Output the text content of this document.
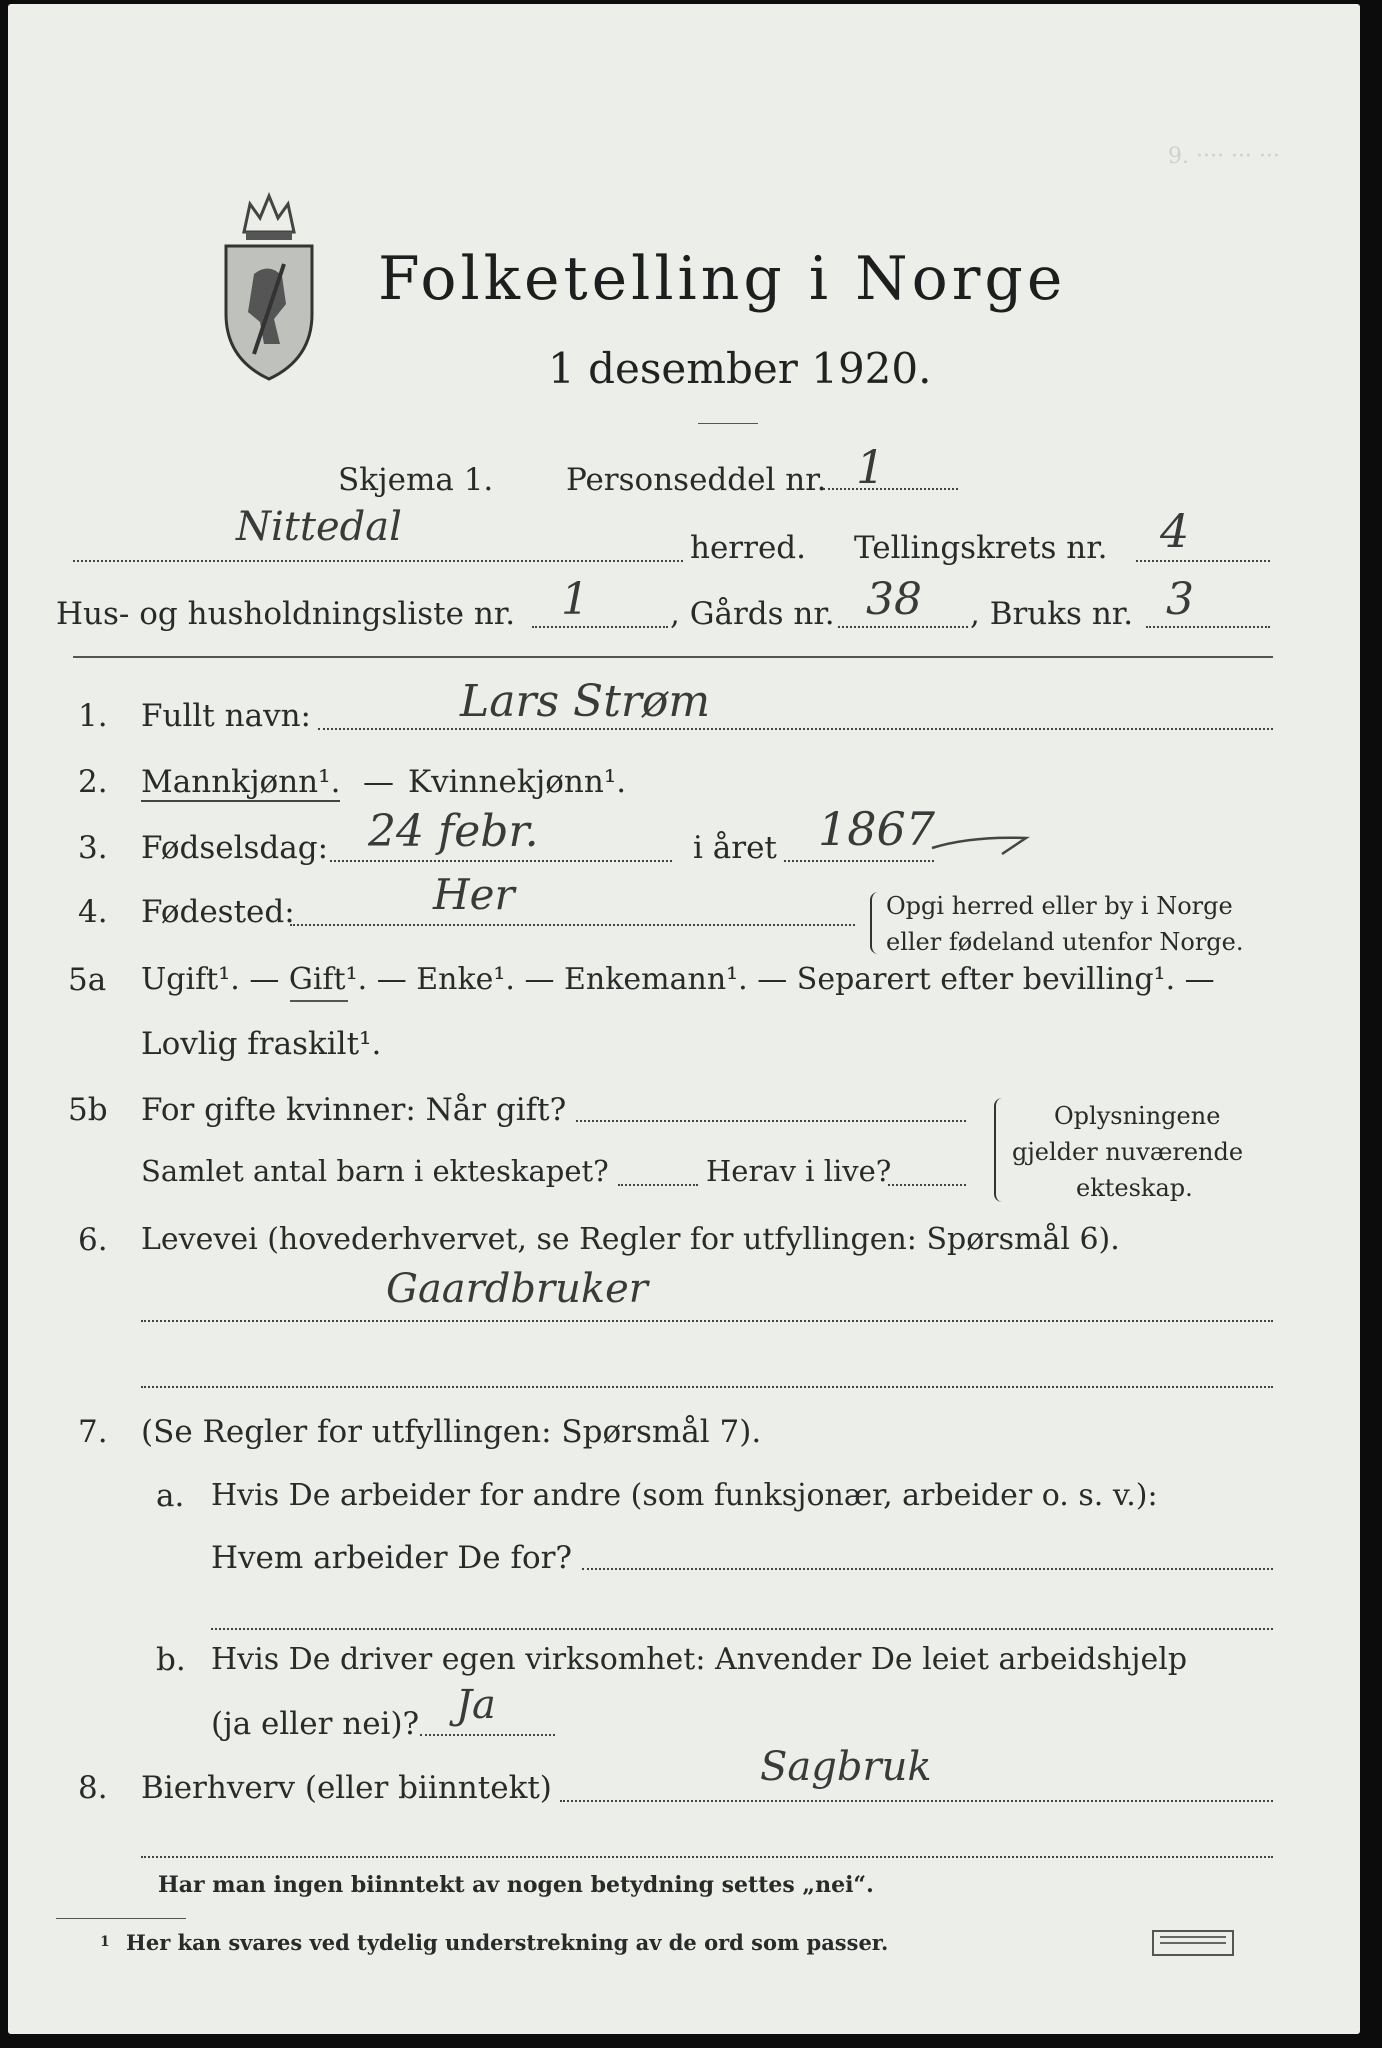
9. ···· ··· ···
Folketelling i Norge
1 desember 1920.
Skjema 1. Personseddel nr. 1
Nittedal	herred. Tellingskrets nr. 4
Hus- og husholdningsliste nr. 1	, Gårds nr. 38 , Bruks nr. 3
1. Fullt navn:	Lars Strøm
2. Mannkjønn¹. — Kvinnekjønn¹.
3. Fødselsdag: 24 febr.	i året 1867
4. Fødested:	Her	Opgi herred eller by i Norge
eller fødeland utenfor Norge.
5a Ugift¹. — Gift¹. — Enke¹. — Enkemann¹. — Separert efter bevilling¹. —
Lovlig fraskilt¹.
5b For gifte kvinner: Når gift?
Samlet antal barn i ekteskapet?	Herav i live?
Oplysningene
gjelder nuværende
ekteskap.
6. Levevei (hovederhvervet, se Regler for utfyllingen: Spørsmål 6).
Gaardbruker
7. (Se Regler for utfyllingen: Spørsmål 7).
a. Hvis De arbeider for andre (som funksjonær, arbeider o. s. v.):
Hvem arbeider De for?
b. Hvis De driver egen virksomhet: Anvender De leiet arbeidshjelp
(ja eller nei)? Ja
8. Bierhverv (eller biinntekt)	Sagbruk
Har man ingen biinntekt av nogen betydning settes „nei“.
1 Her kan svares ved tydelig understrekning av de ord som passer.
